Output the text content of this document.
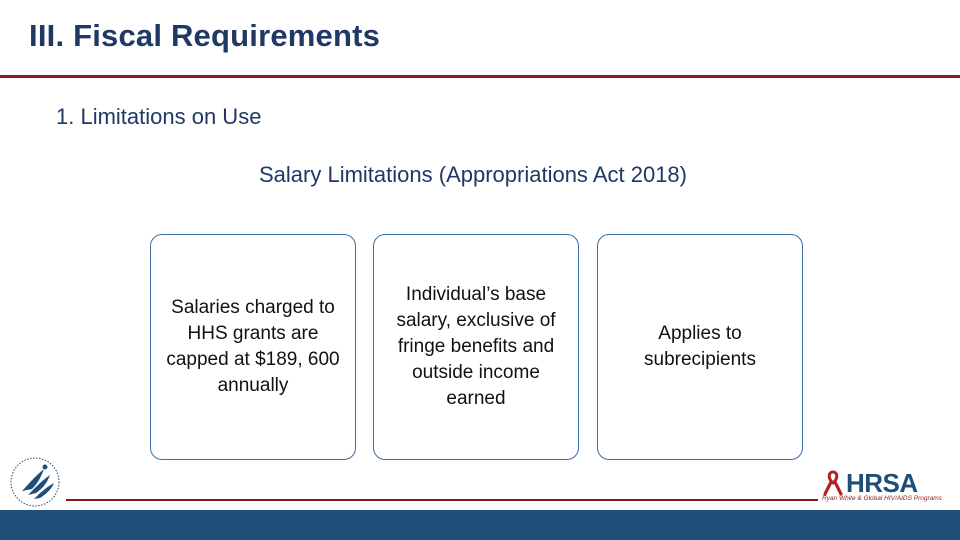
III. Fiscal Requirements
1. Limitations on Use
Salary Limitations (Appropriations Act 2018)
Salaries charged to HHS grants are capped at $189, 600 annually
Individual’s base salary, exclusive of fringe benefits and outside income earned
Applies to subrecipients
HRSA
Ryan White & Global HIV/AIDS Programs
